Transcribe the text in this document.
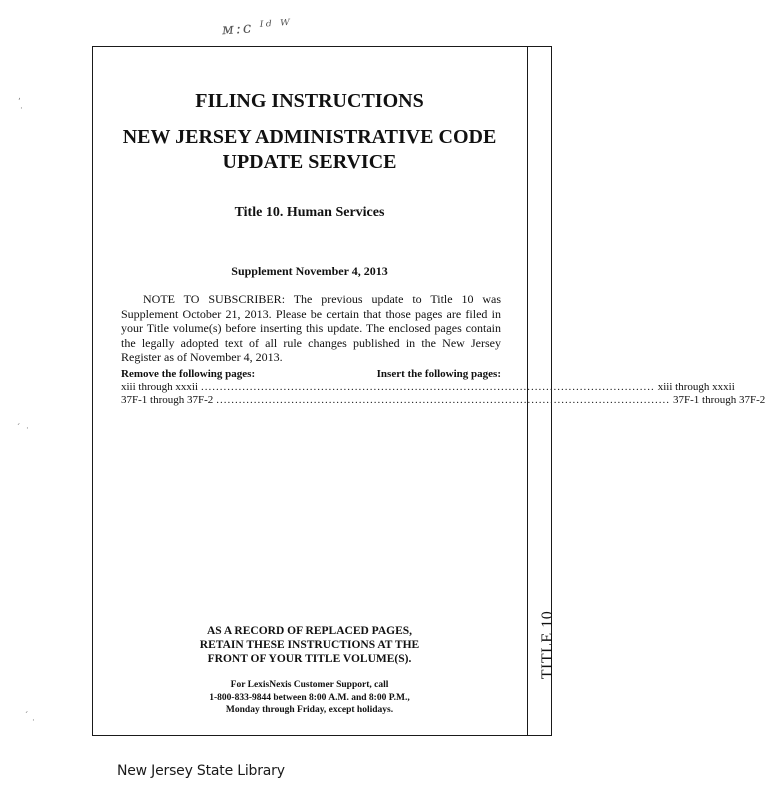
ᴍ:ᴄ ᴵᵈ ᵂ
,
·
ˏ
·
ˏ
·
FILING INSTRUCTIONS
NEW JERSEY ADMINISTRATIVE CODE
UPDATE SERVICE
Title 10. Human Services
Supplement November 4, 2013
NOTE TO SUBSCRIBER: The previous update to Title 10 was Supplement October 21, 2013. Please be certain that those pages are filed in your Title volume(s) before inserting this update. The enclosed pages contain the legally adopted text of all rule changes published in the New Jersey Register as of November 4, 2013.
Remove the following pages:	Insert the following pages:
xiii through xxxii ......................................................................................................................... xiii through xxxii
37F-1 through 37F-2 ......................................................................................................................... 37F-1 through 37F-2
AS A RECORD OF REPLACED PAGES,
RETAIN THESE INSTRUCTIONS AT THE
FRONT OF YOUR TITLE VOLUME(S).
For LexisNexis Customer Support, call
1-800-833-9844 between 8:00 A.M. and 8:00 P.M.,
Monday through Friday, except holidays.
TITLE 10
New Jersey State Library
